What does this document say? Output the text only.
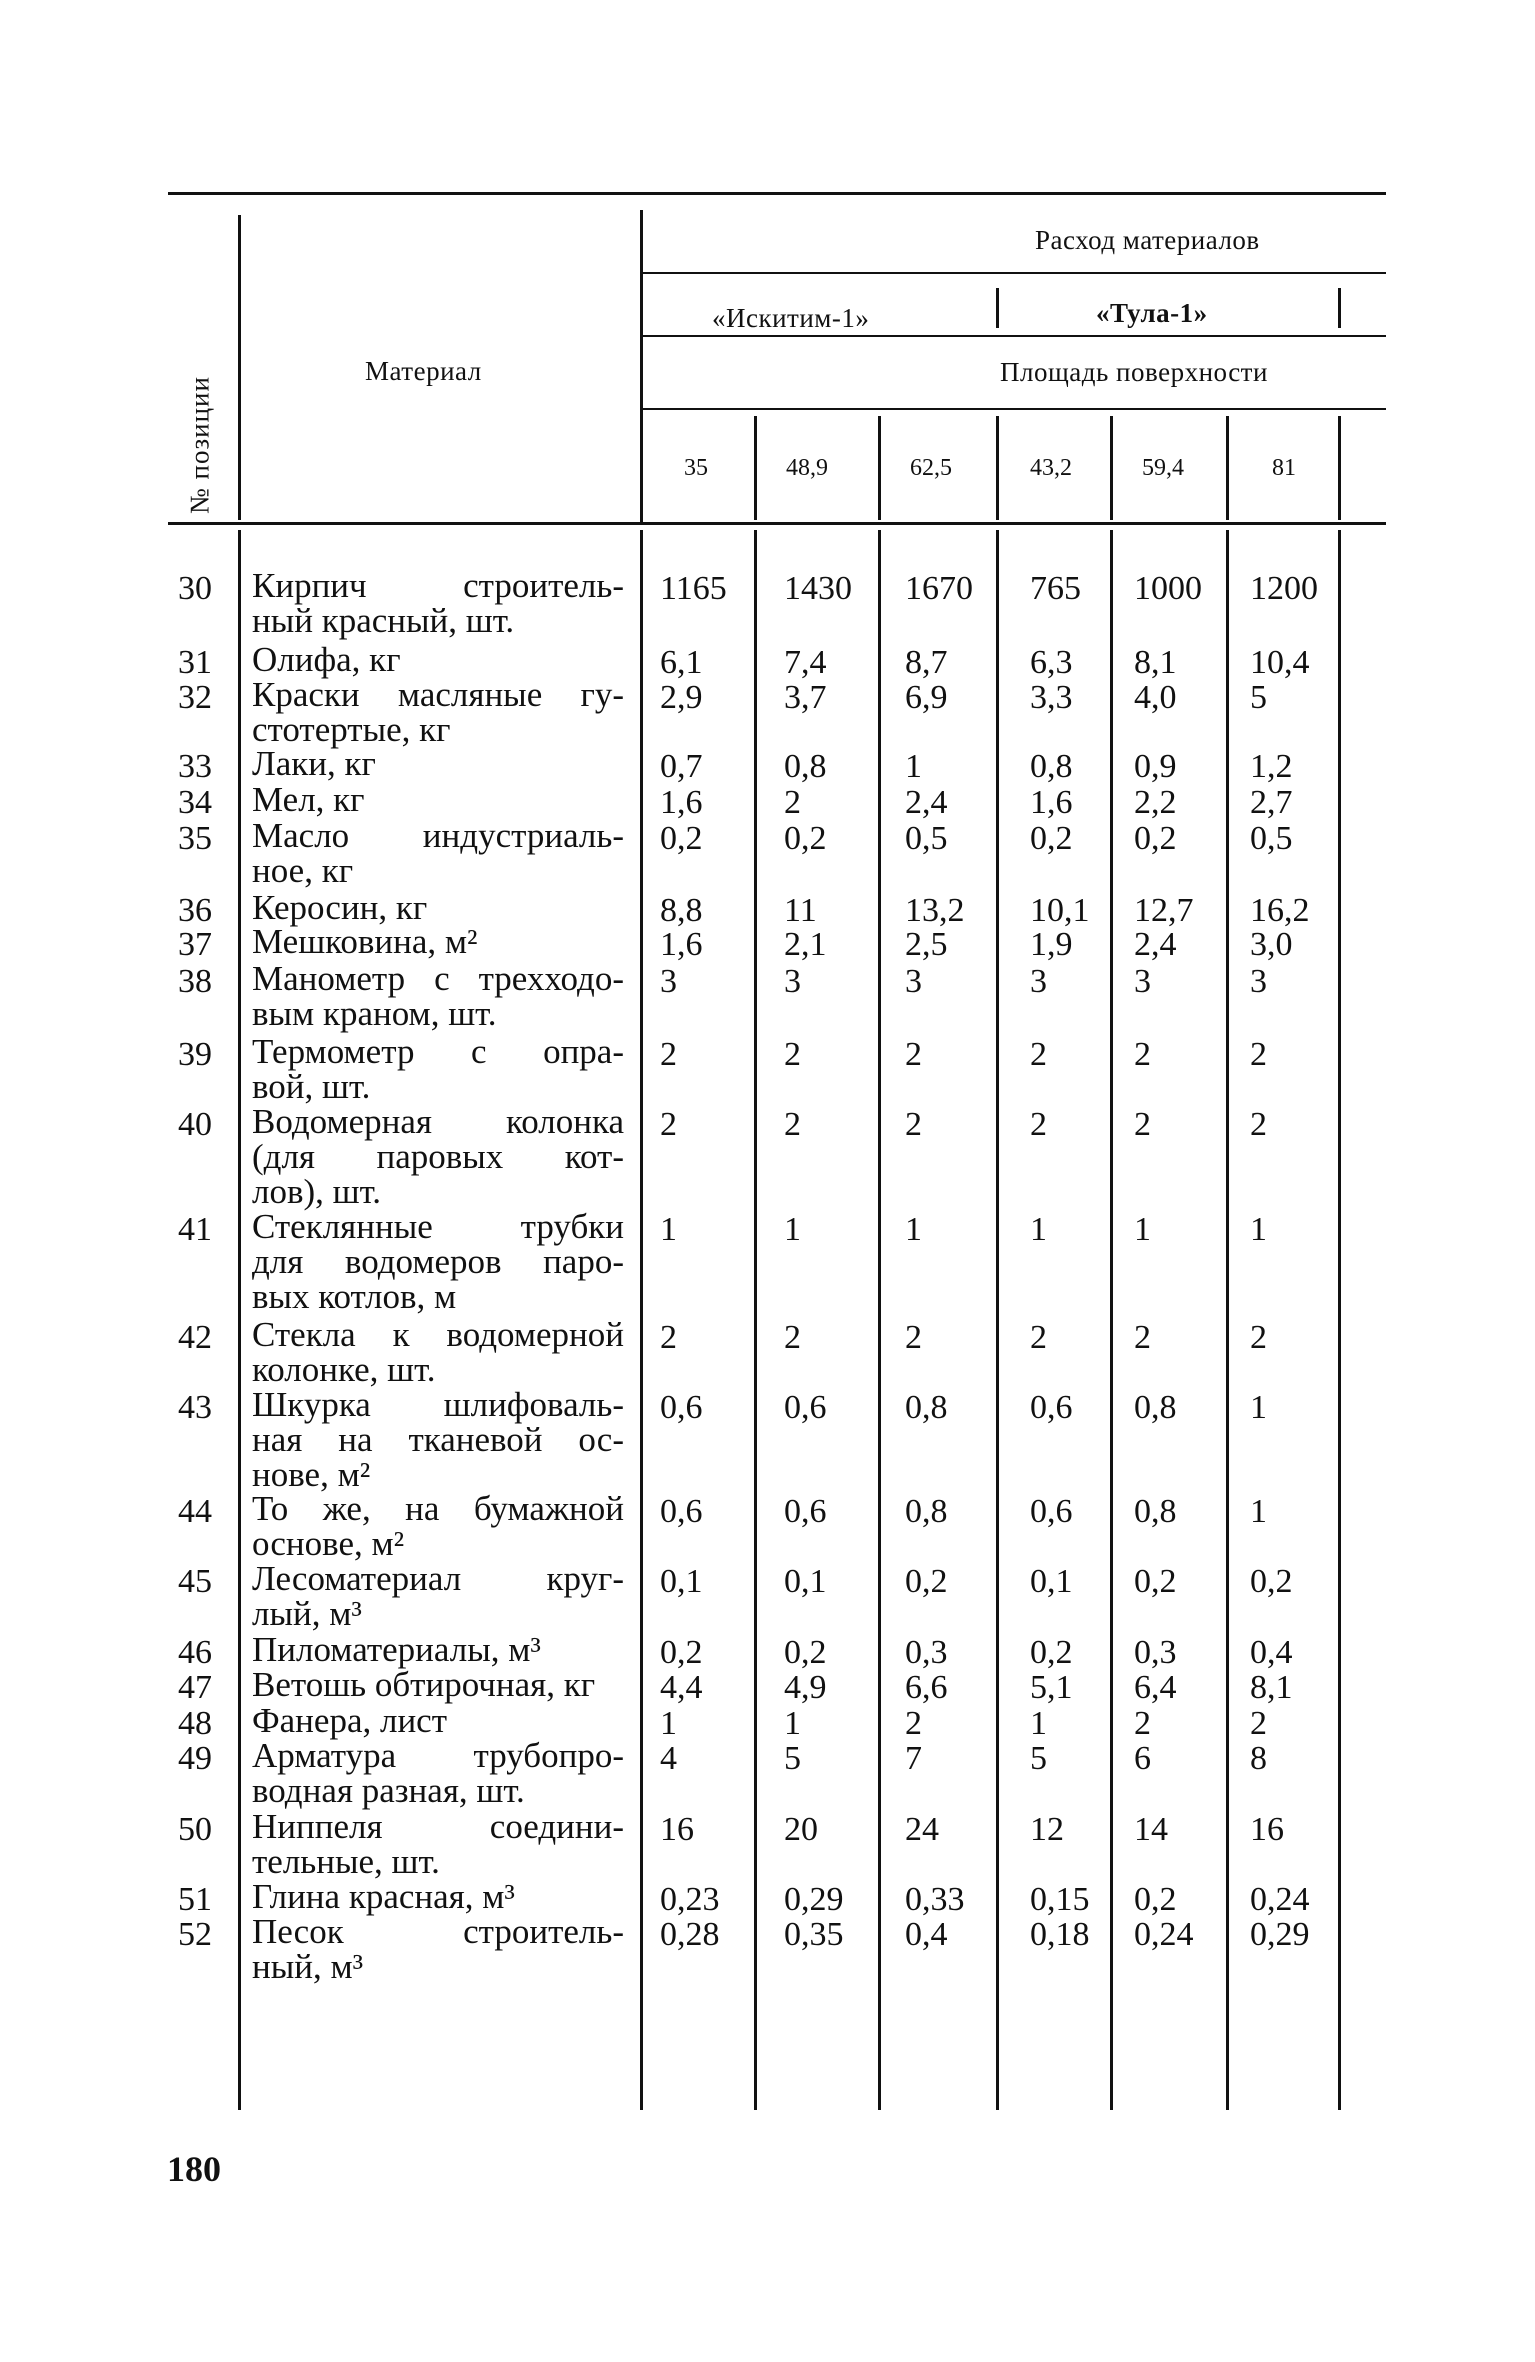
№ позиции
Материал
Расход материалов
«Искитим-1»	«Тула-1»
Площадь поверхности
35	48,9	62,5	43,2	59,4	81
30 Кирпич строитель-
ный красный, шт.
1165 1430 1670 765 1000 1200
31 Олифа, кг	6,1 7,4 8,7 6,3 8,1 10,4
32 Краски масляные гу-
стотертые, кг
2,9 3,7 6,9 3,3 4,0 5
33 Лаки, кг	0,7 0,8 1	0,8 0,9 1,2
34 Мел, кг	1,6 2	2,4 1,6 2,2 2,7
35 Масло индустриаль-
ное, кг
0,2 0,2 0,5 0,2 0,2 0,5
36 Керосин, кг	8,8 11	13,2 10,1 12,7 16,2
37 Мешковина, м²	1,6 2,1 2,5 1,9 2,4 3,0
38 Манометр с трехходо-
вым краном, шт.
3	3	3	3	3	3
39 Термометр с опра-
вой, шт.
2	2	2	2	2	2
40 Водомерная колонка
(для паровых кот-
лов), шт.
2	2	2	2	2	2
41 Стеклянные трубки
для водомеров паро-
вых котлов, м
1	1	1	1	1	1
42 Стекла к водомерной
колонке, шт.
2	2	2	2	2	2
43 Шкурка шлифоваль-
ная на тканевой ос-
нове, м²
0,6 0,6 0,8 0,6 0,8 1
44 То же, на бумажной
основе, м²
0,6 0,6 0,8 0,6 0,8 1
45 Лесоматериал круг-
лый, м³
0,1 0,1 0,2 0,1 0,2 0,2
46 Пиломатериалы, м³	0,2 0,2 0,3 0,2 0,3 0,4
47 Ветошь обтирочная, кг	4,4 4,9 6,6 5,1 6,4 8,1
48 Фанера, лист	1	1	2	1	2	2
49 Арматура трубопро-
водная разная, шт.
4	5	7	5	6	8
50 Ниппеля соедини-
тельные, шт.
16	20	24	12 14 16
51 Глина красная, м³	0,23 0,29 0,33 0,15 0,2 0,24
52 Песок строитель-
ный, м³
0,28 0,35 0,4 0,18 0,24 0,29
180
